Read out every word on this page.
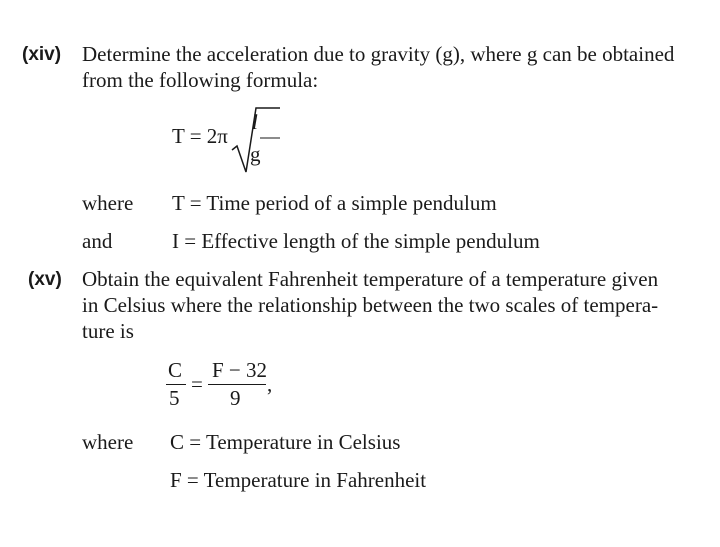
(xiv) Determine the acceleration due to gravity (g), where g can be obtained
from the following formula:
T = 2π
l
g
where T = Time period of a simple pendulum
and	I = Effective length of the simple pendulum
(xv) Obtain the equivalent Fahrenheit temperature of a temperature given
in Celsius where the relationship between the two scales of tempera-
ture is
C
5
=
F − 32
9
,
where C = Temperature in Celsius
F = Temperature in Fahrenheit
